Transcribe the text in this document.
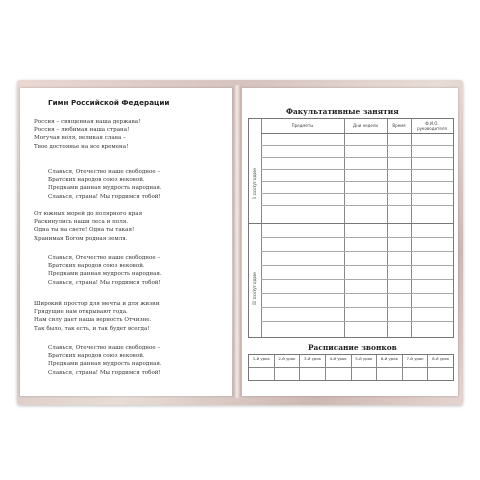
Гимн Российской Федерации
Россия – священная наша держава!
Россия – любимая наша страна!
Могучая воля, великая слава –
Твое достоянье на все времена!
Славься, Отечество наше свободное –
Братских народов союз вековой.
Предками данная мудрость народная.
Славься, страна! Мы гордимся тобой!
От южных морей до полярного края
Раскинулись наши леса и поля.
Одна ты на свете! Одна ты такая!
Хранимая Богом родная земля.
Славься, Отечество наше свободное –
Братских народов союз вековой.
Предками данная мудрость народная.
Славься, страна! Мы гордимся тобой!
Широкий простор для мечты и для жизни
Грядущие нам открывают года.
Нам силу дает наша верность Отчизне.
Так было, так есть, и так будет всегда!
Славься, Отечество наше свободное –
Братских народов союз вековой.
Предками данная мудрость народная.
Славься, страна! Мы гордимся тобой!
Факультативные занятия
Предметы	Дни недели	Время	Ф.И.О. руководителя
I полугодие
II полугодие
Расписание звонков
1-й урок	2-й урок	3-й урок	4-й урок	5-й урок	6-й урок	7-й урок	8-й урок
